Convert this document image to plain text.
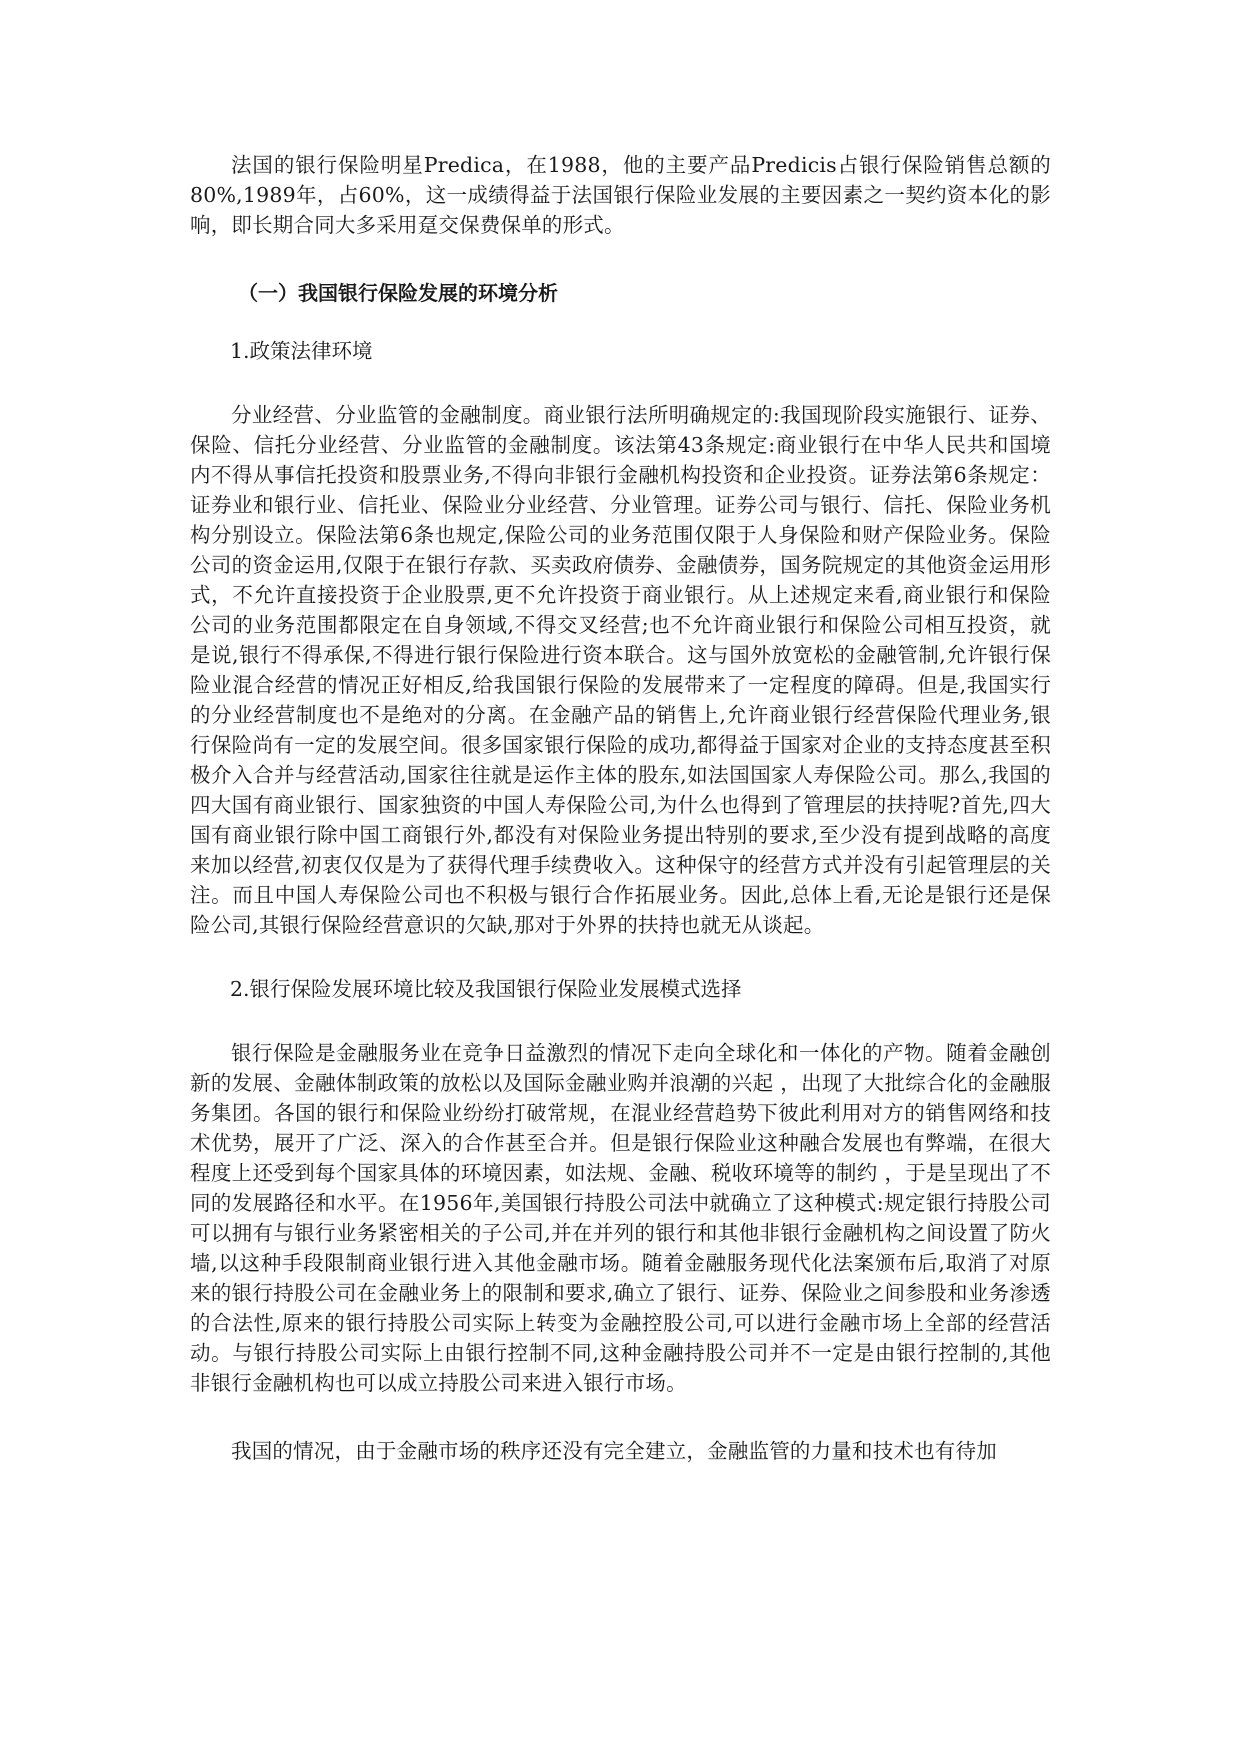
法国的银行保险明星Predica，在1988，他的主要产品Predicis占银行保险销售总额的80%,1989年，占60%，这一成绩得益于法国银行保险业发展的主要因素之一契约资本化的影响，即长期合同大多采用趸交保费保单的形式。

（一）我国银行保险发展的环境分析

1.政策法律环境

分业经营、分业监管的金融制度。商业银行法所明确规定的:我国现阶段实施银行、证券、保险、信托分业经营、分业监管的金融制度。该法第43条规定:商业银行在中华人民共和国境内不得从事信托投资和股票业务,不得向非银行金融机构投资和企业投资。证券法第6条规定：证券业和银行业、信托业、保险业分业经营、分业管理。证券公司与银行、信托、保险业务机构分别设立。保险法第6条也规定,保险公司的业务范围仅限于人身保险和财产保险业务。保险公司的资金运用,仅限于在银行存款、买卖政府债券、金融债券，国务院规定的其他资金运用形式，不允许直接投资于企业股票,更不允许投资于商业银行。从上述规定来看,商业银行和保险公司的业务范围都限定在自身领域,不得交叉经营;也不允许商业银行和保险公司相互投资，就是说,银行不得承保,不得进行银行保险进行资本联合。这与国外放宽松的金融管制,允许银行保险业混合经营的情况正好相反,给我国银行保险的发展带来了一定程度的障碍。但是,我国实行的分业经营制度也不是绝对的分离。在金融产品的销售上,允许商业银行经营保险代理业务,银行保险尚有一定的发展空间。很多国家银行保险的成功,都得益于国家对企业的支持态度甚至积极介入合并与经营活动,国家往往就是运作主体的股东,如法国国家人寿保险公司。那么,我国的四大国有商业银行、国家独资的中国人寿保险公司,为什么也得到了管理层的扶持呢?首先,四大国有商业银行除中国工商银行外,都没有对保险业务提出特别的要求,至少没有提到战略的高度来加以经营,初衷仅仅是为了获得代理手续费收入。这种保守的经营方式并没有引起管理层的关注。而且中国人寿保险公司也不积极与银行合作拓展业务。因此,总体上看,无论是银行还是保险公司,其银行保险经营意识的欠缺,那对于外界的扶持也就无从谈起。

2.银行保险发展环境比较及我国银行保险业发展模式选择

银行保险是金融服务业在竞争日益激烈的情况下走向全球化和一体化的产物。随着金融创新的发展、金融体制政策的放松以及国际金融业购并浪潮的兴起 ，出现了大批综合化的金融服务集团。各国的银行和保险业纷纷打破常规，在混业经营趋势下彼此利用对方的销售网络和技术优势，展开了广泛、深入的合作甚至合并。但是银行保险业这种融合发展也有弊端，在很大程度上还受到每个国家具体的环境因素，如法规、金融、税收环境等的制约 ，于是呈现出了不同的发展路径和水平。在1956年,美国银行持股公司法中就确立了这种模式:规定银行持股公司可以拥有与银行业务紧密相关的子公司,并在并列的银行和其他非银行金融机构之间设置了防火墙,以这种手段限制商业银行进入其他金融市场。随着金融服务现代化法案颁布后,取消了对原来的银行持股公司在金融业务上的限制和要求,确立了银行、证券、保险业之间参股和业务渗透的合法性,原来的银行持股公司实际上转变为金融控股公司,可以进行金融市场上全部的经营活动。与银行持股公司实际上由银行控制不同,这种金融持股公司并不一定是由银行控制的,其他非银行金融机构也可以成立持股公司来进入银行市场。

我国的情况，由于金融市场的秩序还没有完全建立，金融监管的力量和技术也有待加
